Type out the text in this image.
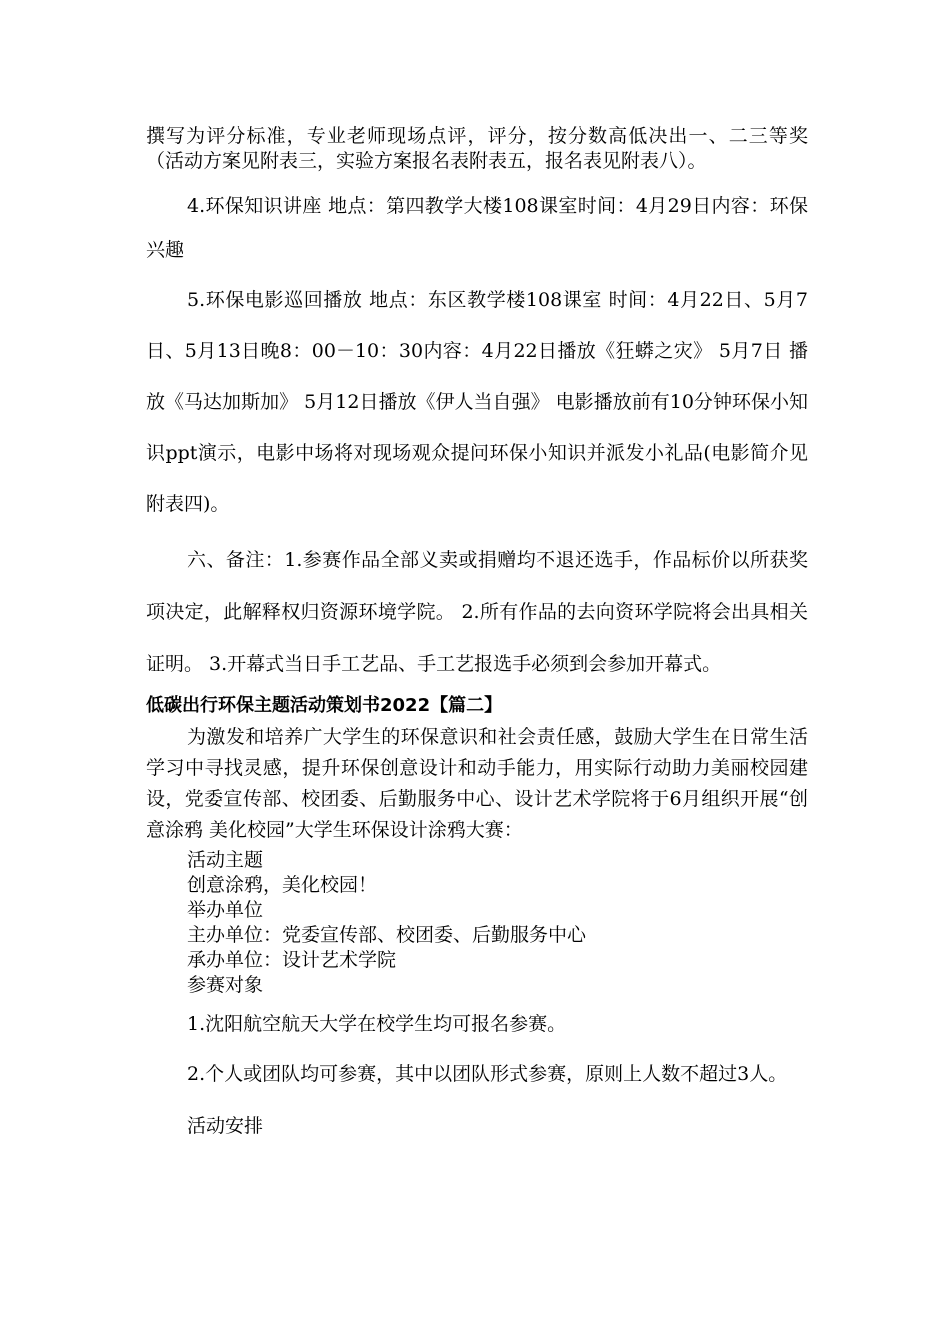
撰写为评分标准，专业老师现场点评，评分，按分数高低决出一、二三等奖（活动方案见附表三，实验方案报名表附表五，报名表见附表八）。

4.环保知识讲座 地点：第四教学大楼108课室时间：4月29日内容：环保兴趣

5.环保电影巡回播放 地点：东区教学楼108课室 时间：4月22日、5月7日、5月13日晚8：00－10：30内容：4月22日播放《狂蟒之灾》 5月7日 播放《马达加斯加》 5月12日播放《伊人当自强》 电影播放前有10分钟环保小知识ppt演示，电影中场将对现场观众提问环保小知识并派发小礼品(电影简介见附表四)。

六、备注：1.参赛作品全部义卖或捐赠均不退还选手，作品标价以所获奖项决定，此解释权归资源环境学院。 2.所有作品的去向资环学院将会出具相关证明。 3.开幕式当日手工艺品、手工艺报选手必须到会参加开幕式。

低碳出行环保主题活动策划书2022【篇二】

为激发和培养广大学生的环保意识和社会责任感，鼓励大学生在日常生活学习中寻找灵感，提升环保创意设计和动手能力，用实际行动助力美丽校园建设，党委宣传部、校团委、后勤服务中心、设计艺术学院将于6月组织开展“创意涂鸦 美化校园”大学生环保设计涂鸦大赛：

活动主题

创意涂鸦，美化校园！

举办单位

主办单位：党委宣传部、校团委、后勤服务中心

承办单位：设计艺术学院

参赛对象

1.沈阳航空航天大学在校学生均可报名参赛。

2.个人或团队均可参赛，其中以团队形式参赛，原则上人数不超过3人。

活动安排
